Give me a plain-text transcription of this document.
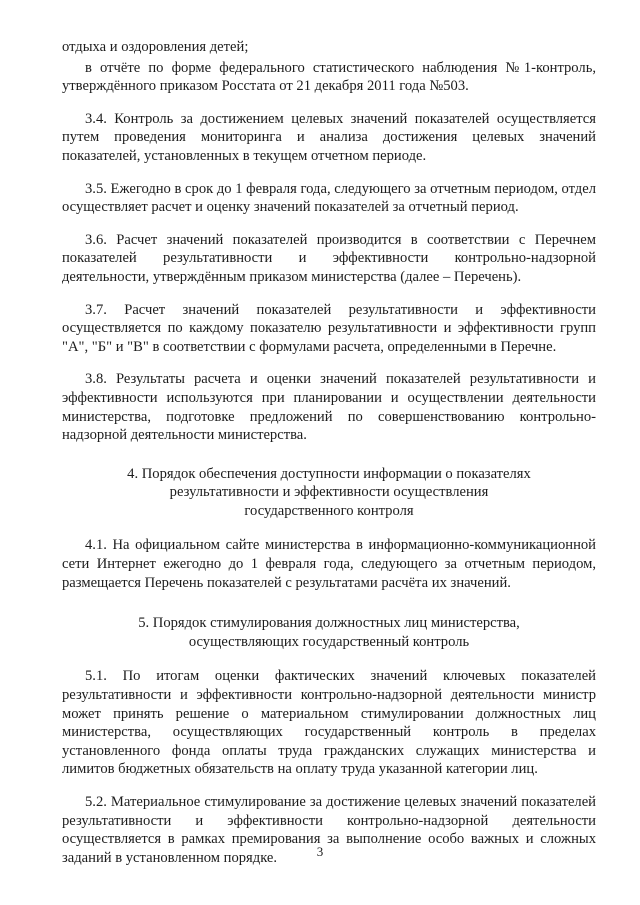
отдыха и оздоровления детей;

в отчёте по форме федерального статистического наблюдения №1-контроль, утверждённого приказом Росстата от 21 декабря 2011 года №503.

3.4. Контроль за достижением целевых значений показателей осуществляется путем проведения мониторинга и анализа достижения целевых значений показателей, установленных в текущем отчетном периоде.

3.5. Ежегодно в срок до 1 февраля года, следующего за отчетным периодом, отдел осуществляет расчет и оценку значений показателей за отчетный период.

3.6. Расчет значений показателей производится в соответствии с Перечнем показателей результативности и эффективности контрольно-надзорной деятельности, утверждённым приказом министерства (далее – Перечень).

3.7. Расчет значений показателей результативности и эффективности осуществляется по каждому показателю результативности и эффективности групп "А", "Б" и "В" в соответствии с формулами расчета, определенными в Перечне.

3.8. Результаты расчета и оценки значений показателей результативности и эффективности используются при планировании и осуществлении деятельности министерства, подготовке предложений по совершенствованию контрольно-надзорной деятельности министерства.

4. Порядок обеспечения доступности информации о показателях
результативности и эффективности осуществления
государственного контроля

4.1. На официальном сайте министерства в информационно-коммуникационной сети Интернет ежегодно до 1 февраля года, следующего за отчетным периодом, размещается Перечень показателей с результатами расчёта их значений.

5. Порядок стимулирования должностных лиц министерства,
осуществляющих государственный контроль

5.1. По итогам оценки фактических значений ключевых показателей результативности и эффективности контрольно-надзорной деятельности министр может принять решение о материальном стимулировании должностных лиц министерства, осуществляющих государственный контроль в пределах установленного фонда оплаты труда гражданских служащих министерства и лимитов бюджетных обязательств на оплату труда указанной категории лиц.

5.2. Материальное стимулирование за достижение целевых значений показателей результативности и эффективности контрольно-надзорной деятельности осуществляется в рамках премирования за выполнение особо важных и сложных заданий в установленном порядке.	3
